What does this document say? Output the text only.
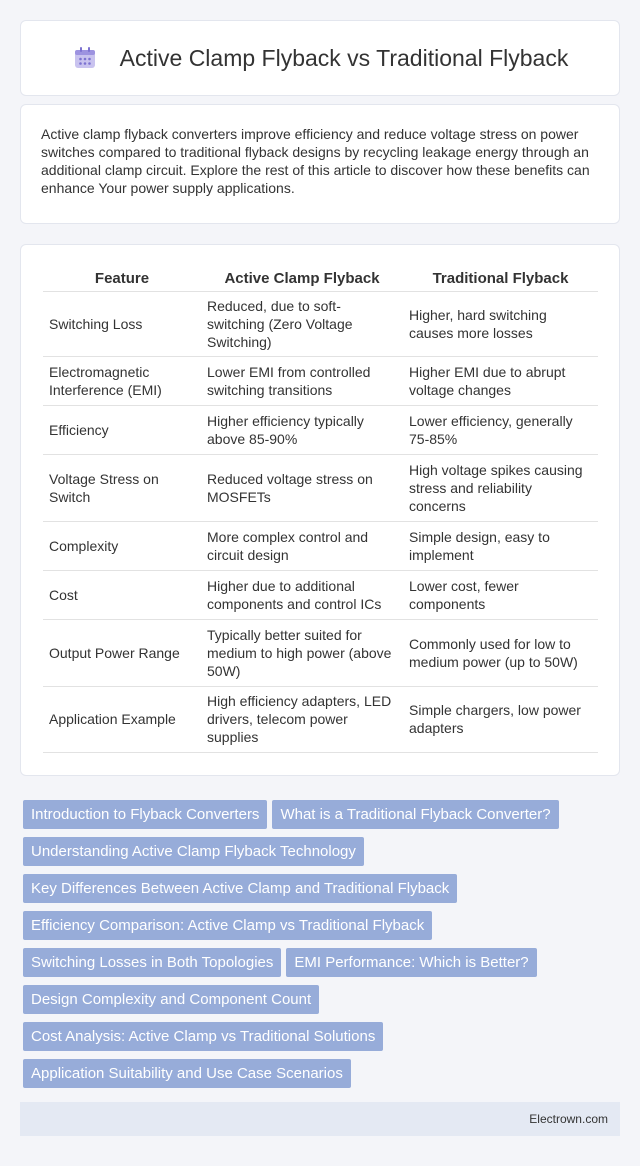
Active Clamp Flyback vs Traditional Flyback

Active clamp flyback converters improve efficiency and reduce voltage stress on power switches compared to traditional flyback designs by recycling leakage energy through an additional clamp circuit. Explore the rest of this article to discover how these benefits can enhance Your power supply applications.

Feature	Active Clamp Flyback	Traditional Flyback
Switching Loss	Reduced, due to soft-switching (Zero Voltage Switching)	Higher, hard switching causes more losses
Electromagnetic Interference (EMI)	Lower EMI from controlled switching transitions	Higher EMI due to abrupt voltage changes
Efficiency	Higher efficiency typically above 85-90%	Lower efficiency, generally 75-85%
Voltage Stress on Switch	Reduced voltage stress on MOSFETs	High voltage spikes causing stress and reliability concerns
Complexity	More complex control and circuit design	Simple design, easy to implement
Cost	Higher due to additional components and control ICs	Lower cost, fewer components
Output Power Range	Typically better suited for medium to high power (above 50W)	Commonly used for low to medium power (up to 50W)
Application Example	High efficiency adapters, LED drivers, telecom power supplies	Simple chargers, low power adapters
Introduction to Flyback Converters What is a Traditional Flyback Converter? Understanding Active Clamp Flyback Technology Key Differences Between Active Clamp and Traditional Flyback Efficiency Comparison: Active Clamp vs Traditional Flyback Switching Losses in Both Topologies EMI Performance: Which is Better? Design Complexity and Component Count Cost Analysis: Active Clamp vs Traditional Solutions Application Suitability and Use Case Scenarios
Electrown.com
